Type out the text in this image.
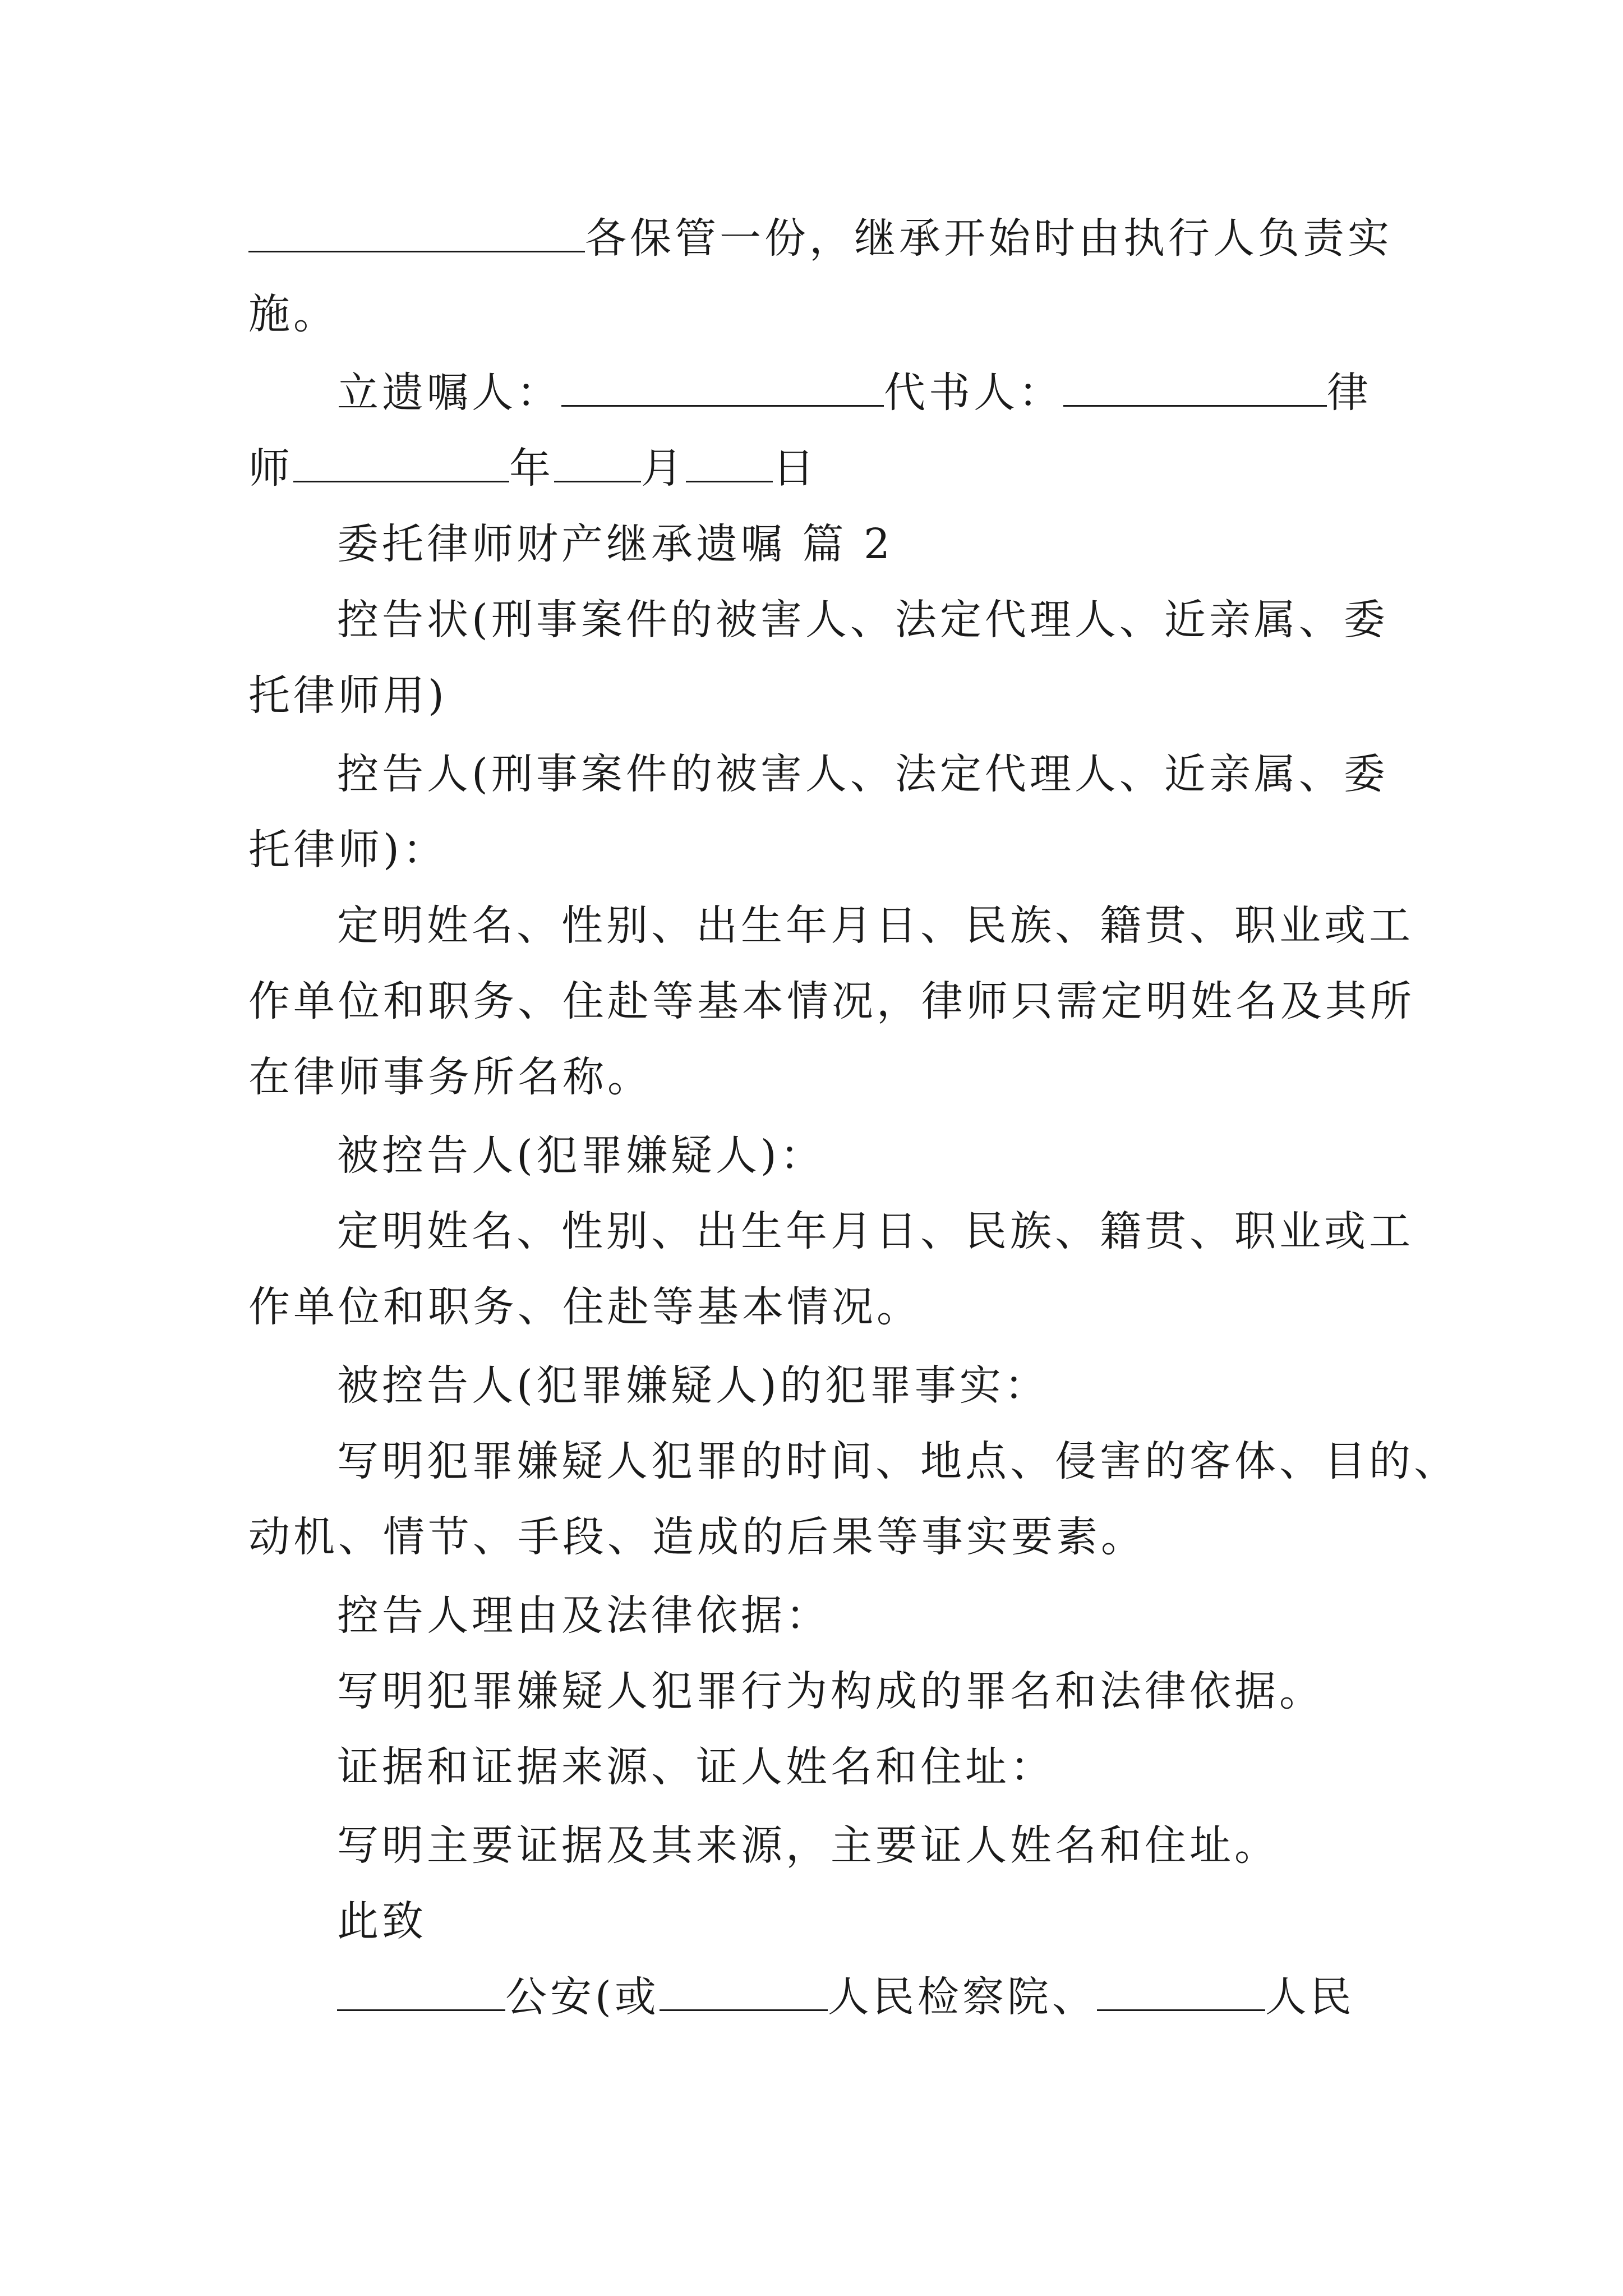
各保管一份，继承开始时由执行人负责实
施。
立遗嘱人：	代书人：	律
师	年 月 日
委托律师财产继承遗嘱 篇 2
控告状(刑事案件的被害人、法定代理人、近亲属、委
托律师用)
控告人(刑事案件的被害人、法定代理人、近亲属、委
托律师)：
定明姓名、性别、出生年月日、民族、籍贯、职业或工
作单位和职务、住赴等基本情况，律师只需定明姓名及其所
在律师事务所名称。
被控告人(犯罪嫌疑人)：
定明姓名、性别、出生年月日、民族、籍贯、职业或工
作单位和职务、住赴等基本情况。
被控告人(犯罪嫌疑人)的犯罪事实：
写明犯罪嫌疑人犯罪的时间、地点、侵害的客体、目的、
动机、情节、手段、造成的后果等事实要素。
控告人理由及法律依据：
写明犯罪嫌疑人犯罪行为构成的罪名和法律依据。
证据和证据来源、证人姓名和住址：
写明主要证据及其来源，主要证人姓名和住址。
此致
公安(或	人民检察院、	人民
